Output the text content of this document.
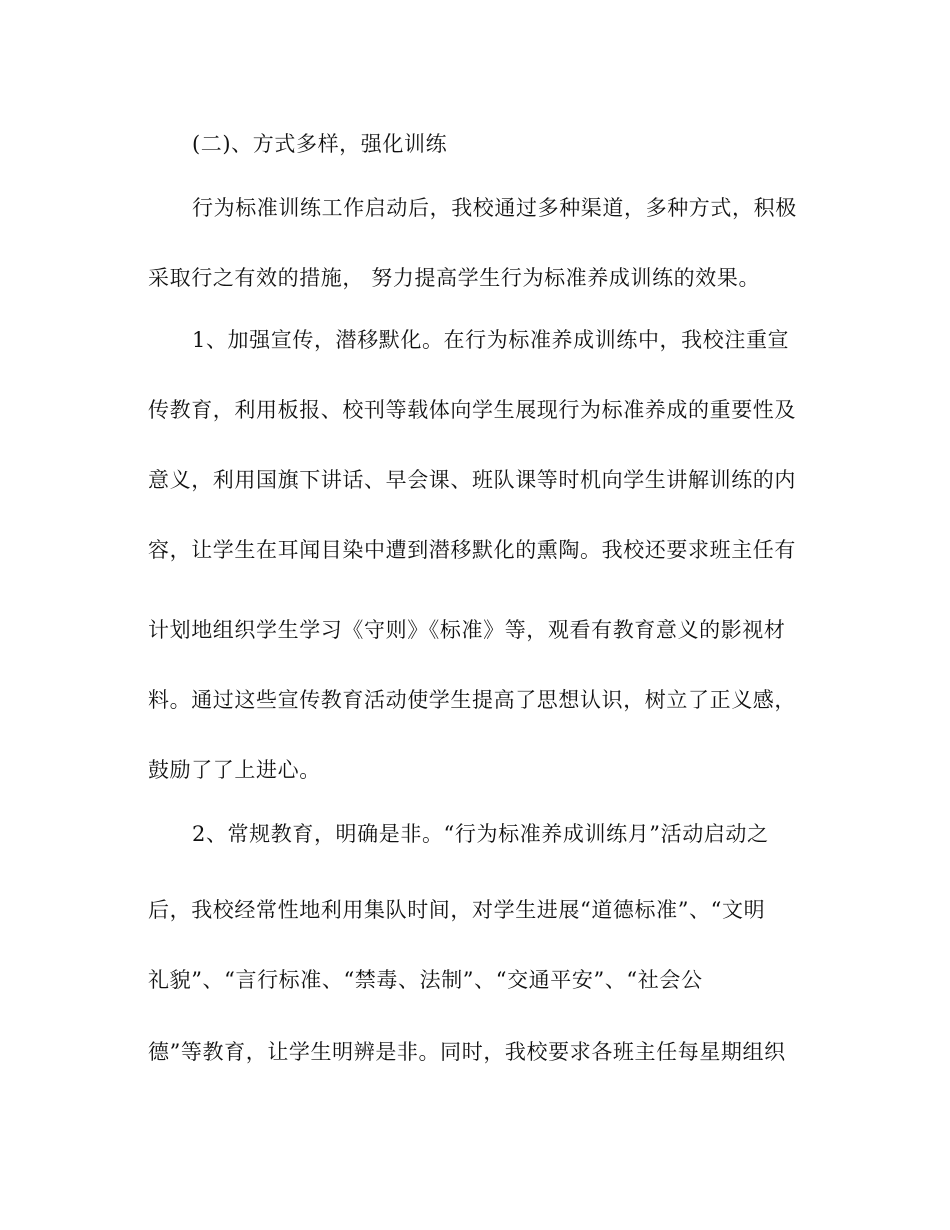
(二)、方式多样，强化训练
行为标准训练工作启动后，我校通过多种渠道，多种方式，积极
采取行之有效的措施， 努力提高学生行为标准养成训练的效果。
1、加强宣传，潜移默化。在行为标准养成训练中，我校注重宣
传教育，利用板报、校刊等载体向学生展现行为标准养成的重要性及
意义，利用国旗下讲话、早会课、班队课等时机向学生讲解训练的内
容，让学生在耳闻目染中遭到潜移默化的熏陶。我校还要求班主任有
计划地组织学生学习《守则》《标准》等，观看有教育意义的影视材
料。通过这些宣传教育活动使学生提高了思想认识，树立了正义感，
鼓励了了上进心。
2、常规教育，明确是非。“行为标准养成训练月”活动启动之
后，我校经常性地利用集队时间，对学生进展“道德标准”、“文明
礼貌”、“言行标准、“禁毒、法制”、“交通平安”、“社会公
德”等教育，让学生明辨是非。同时，我校要求各班主任每星期组织
